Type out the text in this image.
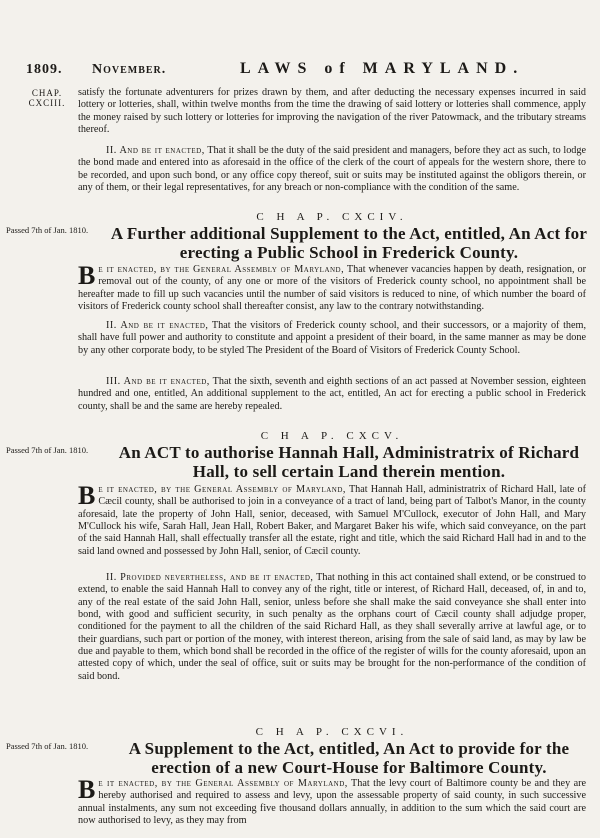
1809. November.	LAWS of MARYLAND.
CHAP.
CXCIII.
satisfy the fortunate adventurers for prizes drawn by them, and after deducting the necessary expenses incurred in said lottery or lotteries, shall, within twelve months from the time the drawing of said lottery or lotteries shall commence, apply the money raised by such lottery or lotteries for improving the navigation of the river Patowmack, and the tributary streams thereof.
II. And be it enacted, That it shall be the duty of the said president and managers, before they act as such, to lodge the bond made and entered into as aforesaid in the office of the clerk of the court of appeals for the western shore, there to be recorded, and upon such bond, or any office copy thereof, suit or suits may be instituted against the obligors therein, or any of them, or their legal representatives, for any breach or non-compliance with the condition of the same.
C H A P. CXCIV.
Passed 7th of Jan. 1810.	A Further additional Supplement to the Act, entitled, An Act for erecting a Public School in Frederick County.
Be it enacted, by the General Assembly of Maryland, That whenever vacancies happen by death, resignation, or removal out of the county, of any one or more of the visitors of Frederick county school, no appointment shall be hereafter made to fill up such vacancies until the number of said visitors is reduced to nine, of which number the board of visitors of Frederick county school shall thereafter consist, any law to the contrary notwithstanding.
II. And be it enacted, That the visitors of Frederick county school, and their successors, or a majority of them, shall have full power and authority to constitute and appoint a president of their board, in the same manner as may be done by any other corporate body, to be styled The President of the Board of Visitors of Frederick County School.
III. And be it enacted, That the sixth, seventh and eighth sections of an act passed at November session, eighteen hundred and one, entitled, An additional supplement to the act, entitled, An act for erecting a public school in Frederick county, shall be and the same are hereby repealed.
C H A P. CXCV.
Passed 7th of Jan. 1810.	An ACT to authorise Hannah Hall, Administratrix of Richard Hall, to sell certain Land therein mention.
Be it enacted, by the General Assembly of Maryland, That Hannah Hall, administratrix of Richard Hall, late of Cæcil county, shall be authorised to join in a conveyance of a tract of land, being part of Talbot's Manor, in the county aforesaid, late the property of John Hall, senior, deceased, with Samuel M'Cullock, executor of John Hall, and Mary M'Cullock his wife, Sarah Hall, Jean Hall, Robert Baker, and Margaret Baker his wife, which said conveyance, on the part of the said Hannah Hall, shall effectually transfer all the estate, right and title, which the said Richard Hall had in and to the said land owned and possessed by John Hall, senior, of Cæcil county.
II. Provided nevertheless, and be it enacted, That nothing in this act contained shall extend, or be construed to extend, to enable the said Hannah Hall to convey any of the right, title or interest, of Richard Hall, deceased, of, in and to, any of the real estate of the said John Hall, senior, unless before she shall make the said conveyance she shall enter into bond, with good and sufficient security, in such penalty as the orphans court of Cæcil county shall adjudge proper, conditioned for the payment to all the children of the said Richard Hall, as they shall severally arrive at lawful age, or to their guardians, such part or portion of the money, with interest thereon, arising from the sale of said land, as may by law be due and payable to them, which bond shall be recorded in the office of the register of wills for the county aforesaid, upon an attested copy of which, under the seal of office, suit or suits may be brought for the non-performance of the condition of said bond.
C H A P. CXCVI.
Passed 7th of Jan. 1810.	A Supplement to the Act, entitled, An Act to provide for the erection of a new Court-House for Baltimore County.
Be it enacted, by the General Assembly of Maryland, That the levy court of Baltimore county be and they are hereby authorised and required to assess and levy, upon the assessable property of said county, in such successive annual instalments, any sum not exceeding five thousand dollars annually, in addition to the sum which the said court are now authorised to levy, as they may from
